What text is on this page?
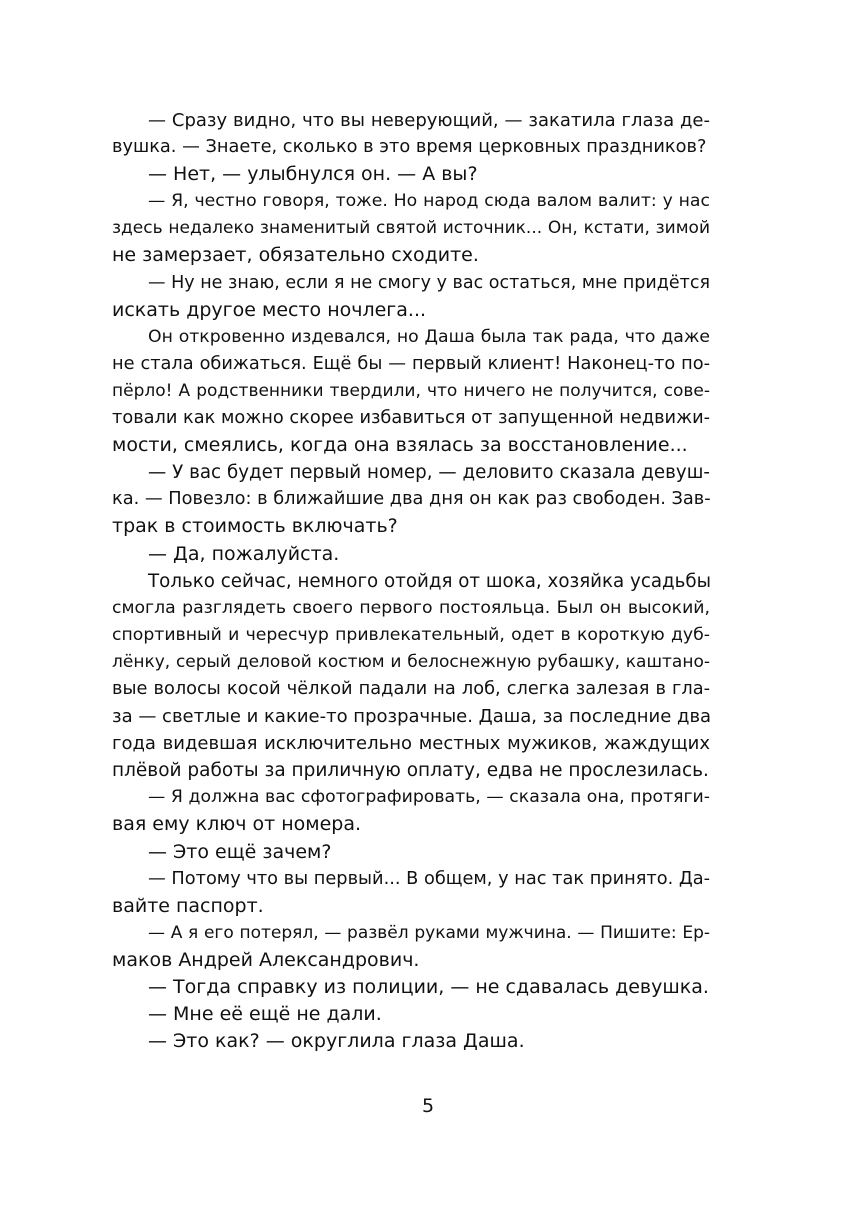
— Сразу видно, что вы неверующий, — закатила глаза де-
вушка. — Знаете, сколько в это время церковных праздников?
— Нет, — улыбнулся он. — А вы?
— Я, честно говоря, тоже. Но народ сюда валом валит: у нас
здесь недалеко знаменитый святой источник... Он, кстати, зимой
не замерзает, обязательно сходите.
— Ну не знаю, если я не смогу у вас остаться, мне придётся
искать другое место ночлега...
Он откровенно издевался, но Даша была так рада, что даже
не стала обижаться. Ещё бы — первый клиент! Наконец-то по-
пёрло! А родственники твердили, что ничего не получится, сове-
товали как можно скорее избавиться от запущенной недвижи-
мости, смеялись, когда она взялась за восстановление...
— У вас будет первый номер, — деловито сказала девуш-
ка. — Повезло: в ближайшие два дня он как раз свободен. Зав-
трак в стоимость включать?
— Да, пожалуйста.
Только сейчас, немного отойдя от шока, хозяйка усадьбы
смогла разглядеть своего первого постояльца. Был он высокий,
спортивный и чересчур привлекательный, одет в короткую дуб-
лёнку, серый деловой костюм и белоснежную рубашку, каштано-
вые волосы косой чёлкой падали на лоб, слегка залезая в гла-
за — светлые и какие-то прозрачные. Даша, за последние два
года видевшая исключительно местных мужиков, жаждущих
плёвой работы за приличную оплату, едва не прослезилась.
— Я должна вас сфотографировать, — сказала она, протяги-
вая ему ключ от номера.
— Это ещё зачем?
— Потому что вы первый... В общем, у нас так принято. Да-
вайте паспорт.
— А я его потерял, — развёл руками мужчина. — Пишите: Ер-
маков Андрей Александрович.
— Тогда справку из полиции, — не сдавалась девушка.
— Мне её ещё не дали.
— Это как? — округлила глаза Даша.
5
